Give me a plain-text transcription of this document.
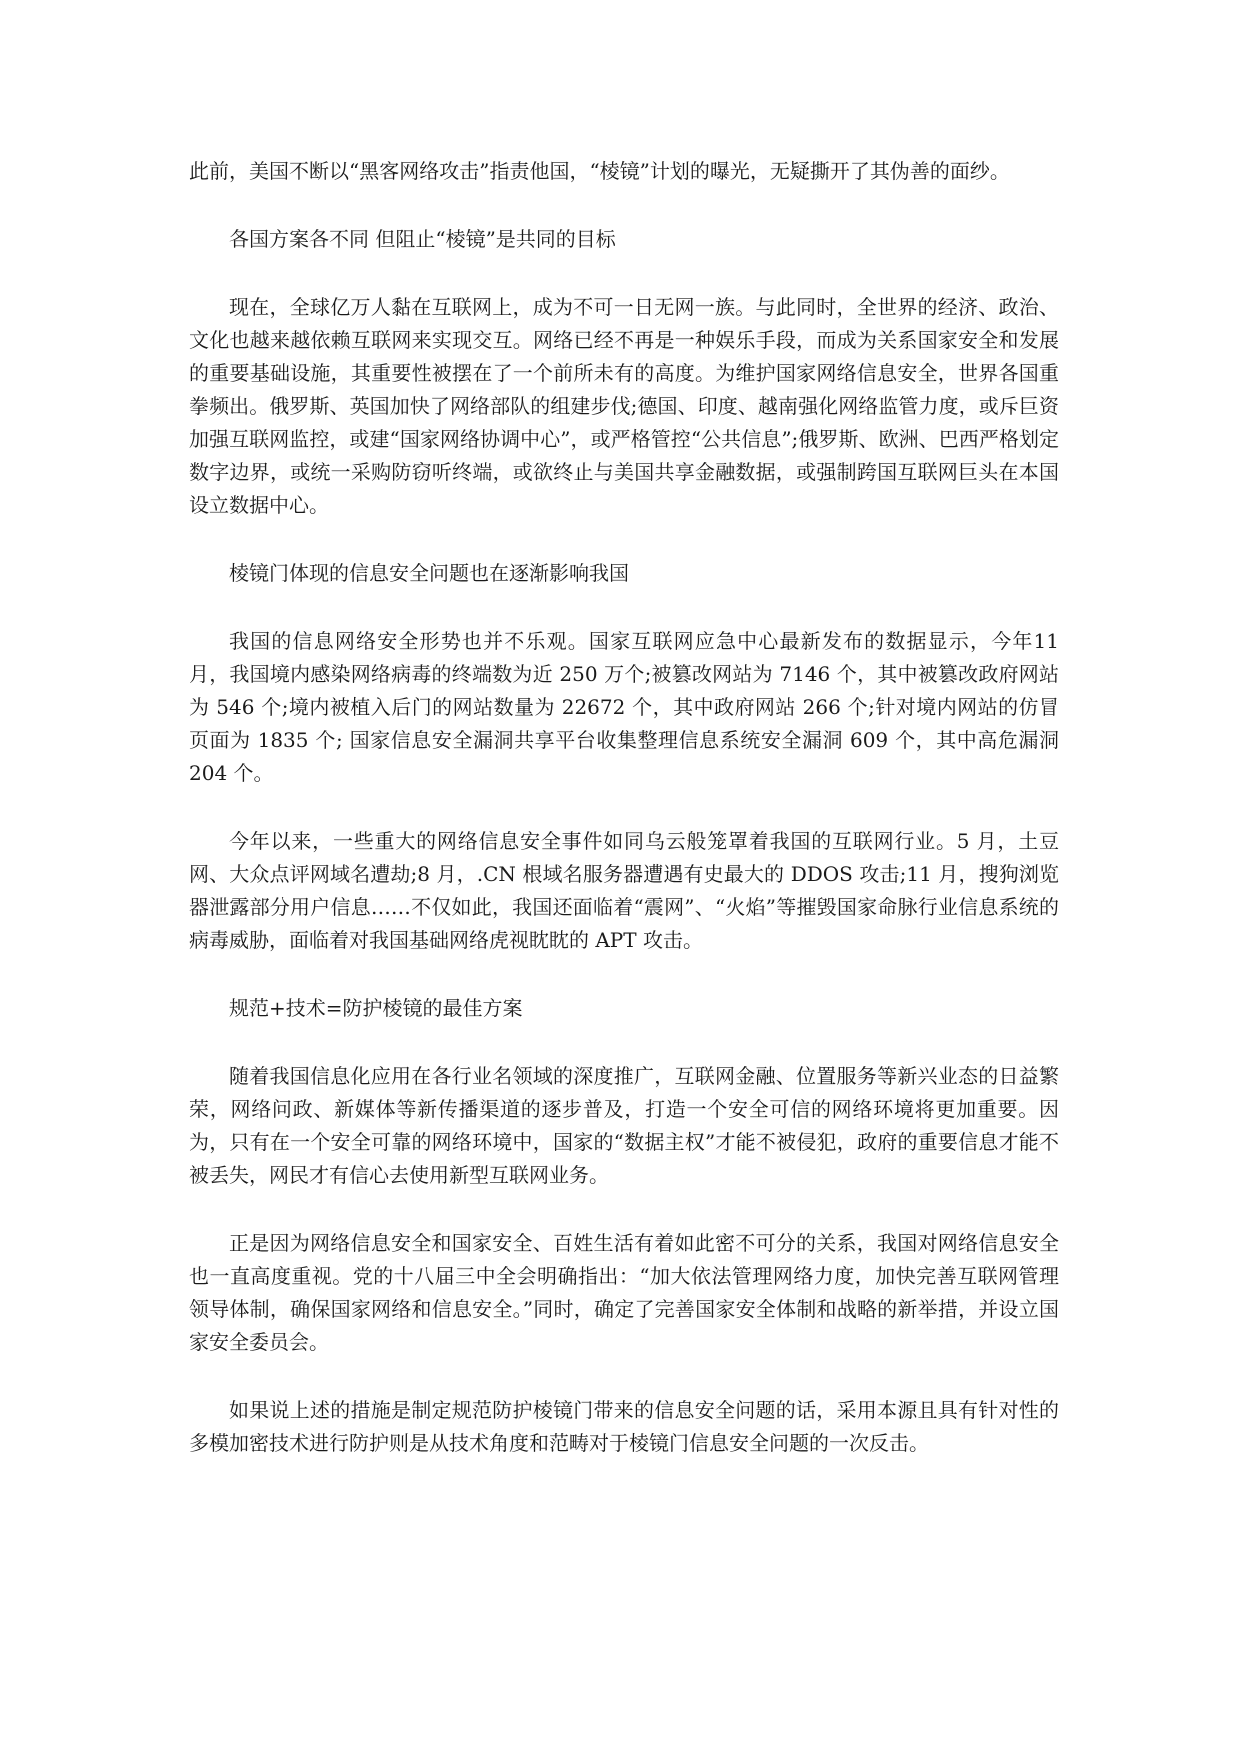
此前，美国不断以“黑客网络攻击”指责他国，“棱镜”计划的曝光，无疑撕开了其伪善的面纱。

各国方案各不同 但阻止“棱镜”是共同的目标

现在，全球亿万人黏在互联网上，成为不可一日无网一族。与此同时，全世界的经济、政治、文化也越来越依赖互联网来实现交互。网络已经不再是一种娱乐手段，而成为关系国家安全和发展的重要基础设施，其重要性被摆在了一个前所未有的高度。为维护国家网络信息安全，世界各国重拳频出。俄罗斯、英国加快了网络部队的组建步伐;德国、印度、越南强化网络监管力度，或斥巨资加强互联网监控，或建“国家网络协调中心”，或严格管控“公共信息”;俄罗斯、欧洲、巴西严格划定数字边界，或统一采购防窃听终端，或欲终止与美国共享金融数据，或强制跨国互联网巨头在本国设立数据中心。

棱镜门体现的信息安全问题也在逐渐影响我国

我国的信息网络安全形势也并不乐观。国家互联网应急中心最新发布的数据显示，今年11 月，我国境内感染网络病毒的终端数为近 250 万个;被篡改网站为 7146 个，其中被篡改政府网站为 546 个;境内被植入后门的网站数量为 22672 个，其中政府网站 266 个;针对境内网站的仿冒页面为 1835 个; 国家信息安全漏洞共享平台收集整理信息系统安全漏洞 609 个，其中高危漏洞 204 个。

今年以来，一些重大的网络信息安全事件如同乌云般笼罩着我国的互联网行业。5 月，土豆网、大众点评网域名遭劫;8 月，.CN 根域名服务器遭遇有史最大的 DDOS 攻击;11 月，搜狗浏览器泄露部分用户信息……不仅如此，我国还面临着“震网”、“火焰”等摧毁国家命脉行业信息系统的病毒威胁，面临着对我国基础网络虎视眈眈的 APT 攻击。

规范+技术=防护棱镜的最佳方案

随着我国信息化应用在各行业名领域的深度推广，互联网金融、位置服务等新兴业态的日益繁荣，网络问政、新媒体等新传播渠道的逐步普及，打造一个安全可信的网络环境将更加重要。因为，只有在一个安全可靠的网络环境中，国家的“数据主权”才能不被侵犯，政府的重要信息才能不被丢失，网民才有信心去使用新型互联网业务。

正是因为网络信息安全和国家安全、百姓生活有着如此密不可分的关系，我国对网络信息安全也一直高度重视。党的十八届三中全会明确指出：“加大依法管理网络力度，加快完善互联网管理领导体制，确保国家网络和信息安全。”同时，确定了完善国家安全体制和战略的新举措，并设立国家安全委员会。

如果说上述的措施是制定规范防护棱镜门带来的信息安全问题的话，采用本源且具有针对性的多模加密技术进行防护则是从技术角度和范畴对于棱镜门信息安全问题的一次反击。
